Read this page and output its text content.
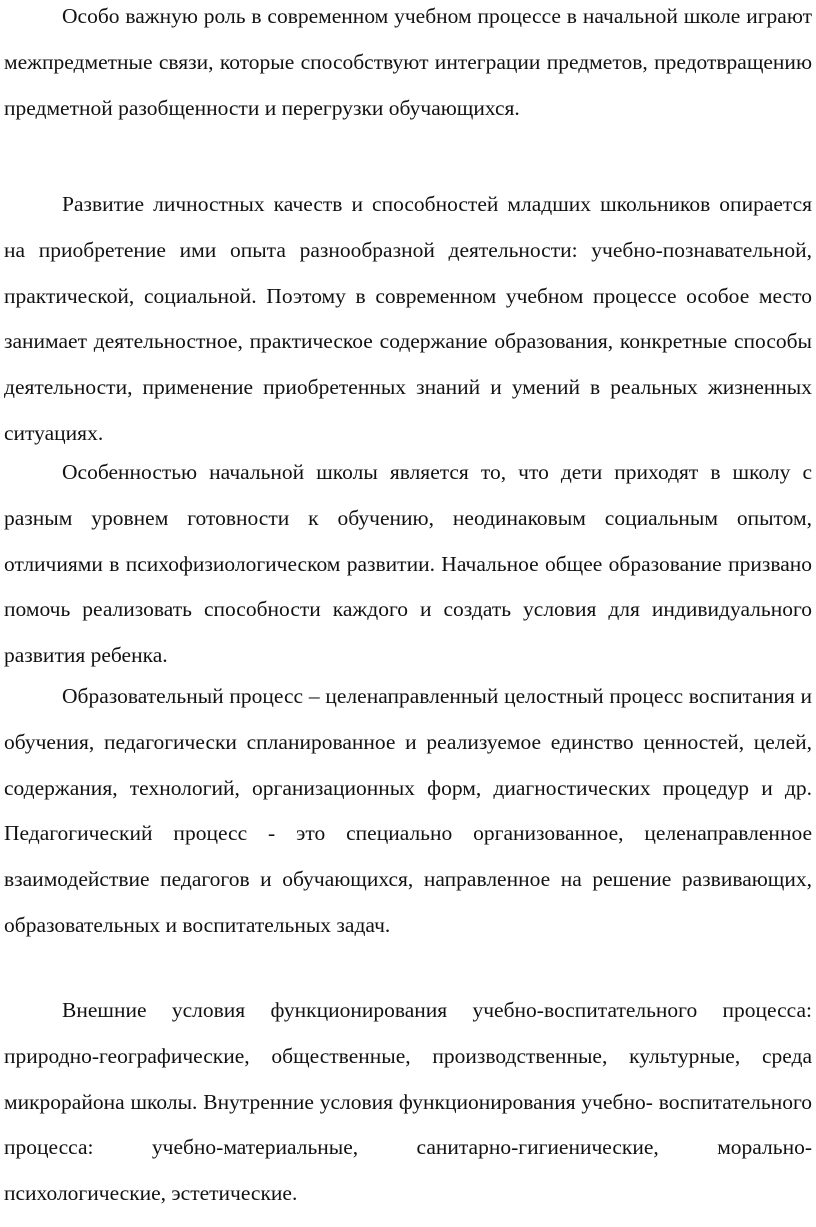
Особо важную роль в современном учебном процессе в начальной школе играют межпредметные связи, которые способствуют интеграции предметов, предотвращению предметной разобщенности и перегрузки обучающихся.

Развитие личностных качеств и способностей младших школьников опирается на приобретение ими опыта разнообразной деятельности: учебно-познавательной, практической, социальной. Поэтому в современном учебном процессе особое место занимает деятельностное, практическое содержание образования, конкретные способы деятельности, применение приобретенных знаний и умений в реальных жизненных ситуациях.

Особенностью начальной школы является то, что дети приходят в школу с разным уровнем готовности к обучению, неодинаковым социальным опытом, отличиями в психофизиологическом развитии. Начальное общее образование призвано помочь реализовать способности каждого и создать условия для индивидуального развития ребенка.

Образовательный процесс – целенаправленный целостный процесс воспитания и обучения, педагогически спланированное и реализуемое единство ценностей, целей, содержания, технологий, организационных форм, диагностических процедур и др. Педагогический процесс - это специально организованное, целенаправленное взаимодействие педагогов и обучающихся, направленное на решение развивающих, образовательных и воспитательных задач.

Внешние условия функционирования учебно-воспитательного процесса: природно-географические, общественные, производственные, культурные, среда микрорайона школы. Внутренние условия функционирования учебно- воспитательного процесса: учебно-материальные, санитарно-гигиенические, морально-психологические, эстетические.
